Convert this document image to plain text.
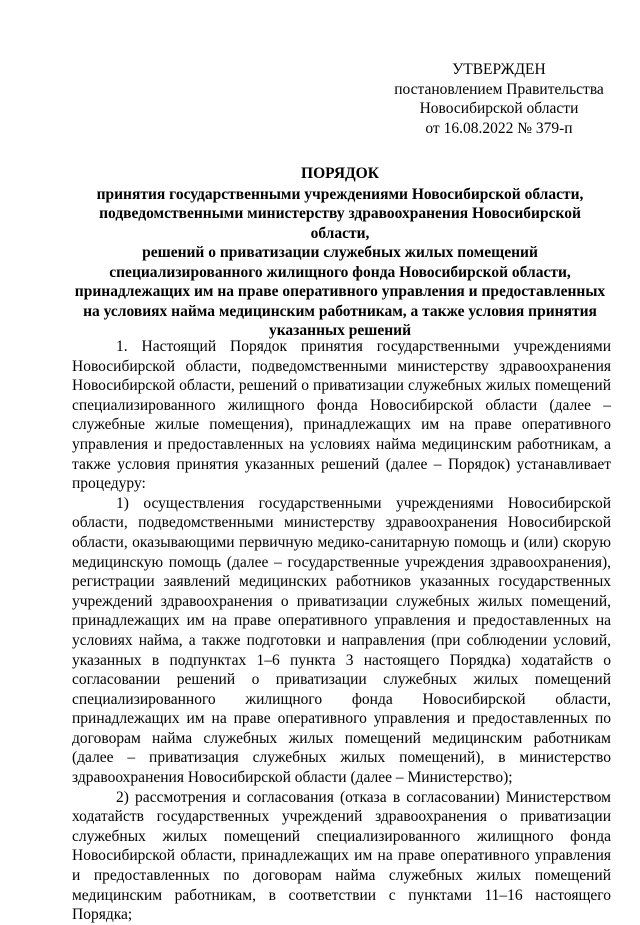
УТВЕРЖДЕН
постановлением Правительства
Новосибирской области
от 16.08.2022 № 379-п
ПОРЯДОК
принятия государственными учреждениями Новосибирской области,
подведомственными министерству здравоохранения Новосибирской области,
решений о приватизации служебных жилых помещений
специализированного жилищного фонда Новосибирской области,
принадлежащих им на праве оперативного управления и предоставленных
на условиях найма медицинским работникам, а также условия принятия
указанных решений

1. Настоящий Порядок принятия государственными учреждениями Новосибирской области, подведомственными министерству здравоохранения Новосибирской области, решений о приватизации служебных жилых помещений специализированного жилищного фонда Новосибирской области (далее – служебные жилые помещения), принадлежащих им на праве оперативного управления и предоставленных на условиях найма медицинским работникам, а также условия принятия указанных решений (далее – Порядок) устанавливает процедуру:

1) осуществления государственными учреждениями Новосибирской области, подведомственными министерству здравоохранения Новосибирской области, оказывающими первичную медико-санитарную помощь и (или) скорую медицинскую помощь (далее – государственные учреждения здравоохранения), регистрации заявлений медицинских работников указанных государственных учреждений здравоохранения о приватизации служебных жилых помещений, принадлежащих им на праве оперативного управления и предоставленных на условиях найма, а также подготовки и направления (при соблюдении условий, указанных в подпунктах 1–6 пункта 3 настоящего Порядка) ходатайств о согласовании решений о приватизации служебных жилых помещений специализированного жилищного фонда Новосибирской области, принадлежащих им на праве оперативного управления и предоставленных по договорам найма служебных жилых помещений медицинским работникам (далее – приватизация служебных жилых помещений), в министерство здравоохранения Новосибирской области (далее – Министерство);

2) рассмотрения и согласования (отказа в согласовании) Министерством ходатайств государственных учреждений здравоохранения о приватизации служебных жилых помещений специализированного жилищного фонда Новосибирской области, принадлежащих им на праве оперативного управления и предоставленных по договорам найма служебных жилых помещений медицинским работникам, в соответствии с пунктами 11–16 настоящего Порядка;
